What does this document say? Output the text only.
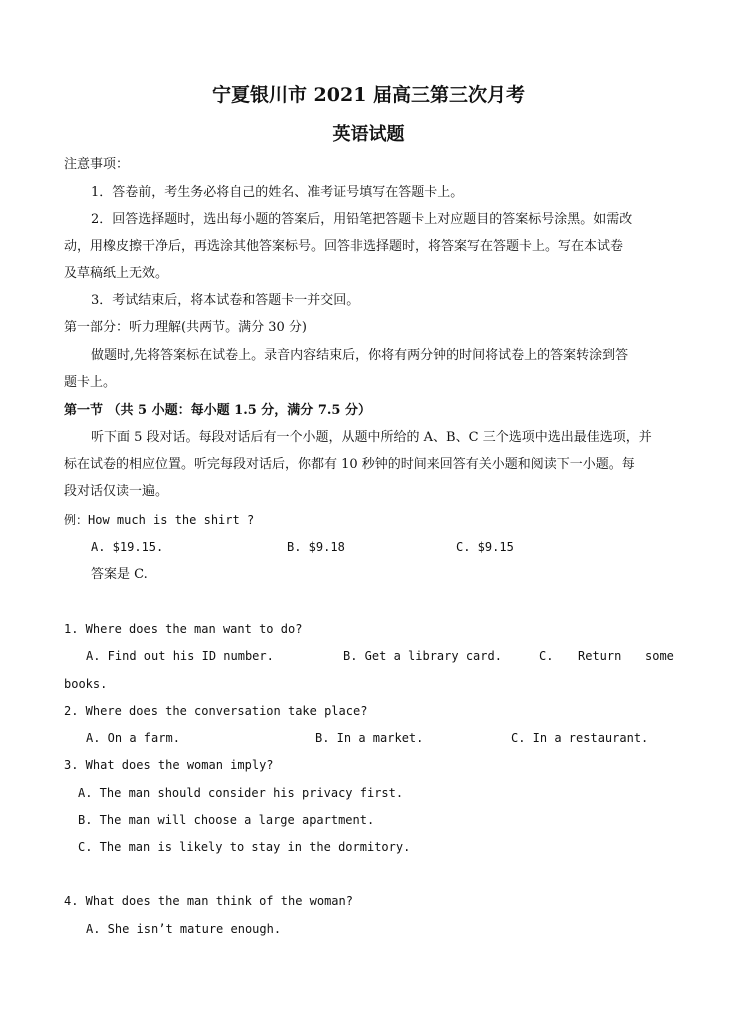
宁夏银川市 2021 届高三第三次月考
英语试题
注意事项：
1．答卷前，考生务必将自己的姓名、准考证号填写在答题卡上。
2．回答选择题时，选出每小题的答案后，用铅笔把答题卡上对应题目的答案标号涂黑。如需改
动，用橡皮擦干净后，再选涂其他答案标号。回答非选择题时，将答案写在答题卡上。写在本试卷
及草稿纸上无效。
3．考试结束后，将本试卷和答题卡一并交回。
第一部分：听力理解(共两节。满分 30 分)
做题时,先将答案标在试卷上。录音内容结束后，你将有两分钟的时间将试卷上的答案转涂到答
题卡上。
第一节 （共 5 小题：每小题 1.5 分，满分 7.5 分）
听下面 5 段对话。每段对话后有一个小题，从题中所给的 A、B、C 三个选项中选出最佳选项，并
标在试卷的相应位置。听完每段对话后，你都有 10 秒钟的时间来回答有关小题和阅读下一小题。每
段对话仅读一遍。
例：How much is the shirt ?
A. $19.15.	B. $9.18	C. $9.15
答案是 C.
1. Where does the man want to do?
A. Find out his ID number.	B. Get a library card.	C. Return some
books.
2. Where does the conversation take place?
A. On a farm.	B. In a market.	C. In a restaurant.
3. What does the woman imply?
A. The man should consider his privacy first.
B. The man will choose a large apartment.
C. The man is likely to stay in the dormitory.
4. What does the man think of the woman?
A. She isn’t mature enough.
